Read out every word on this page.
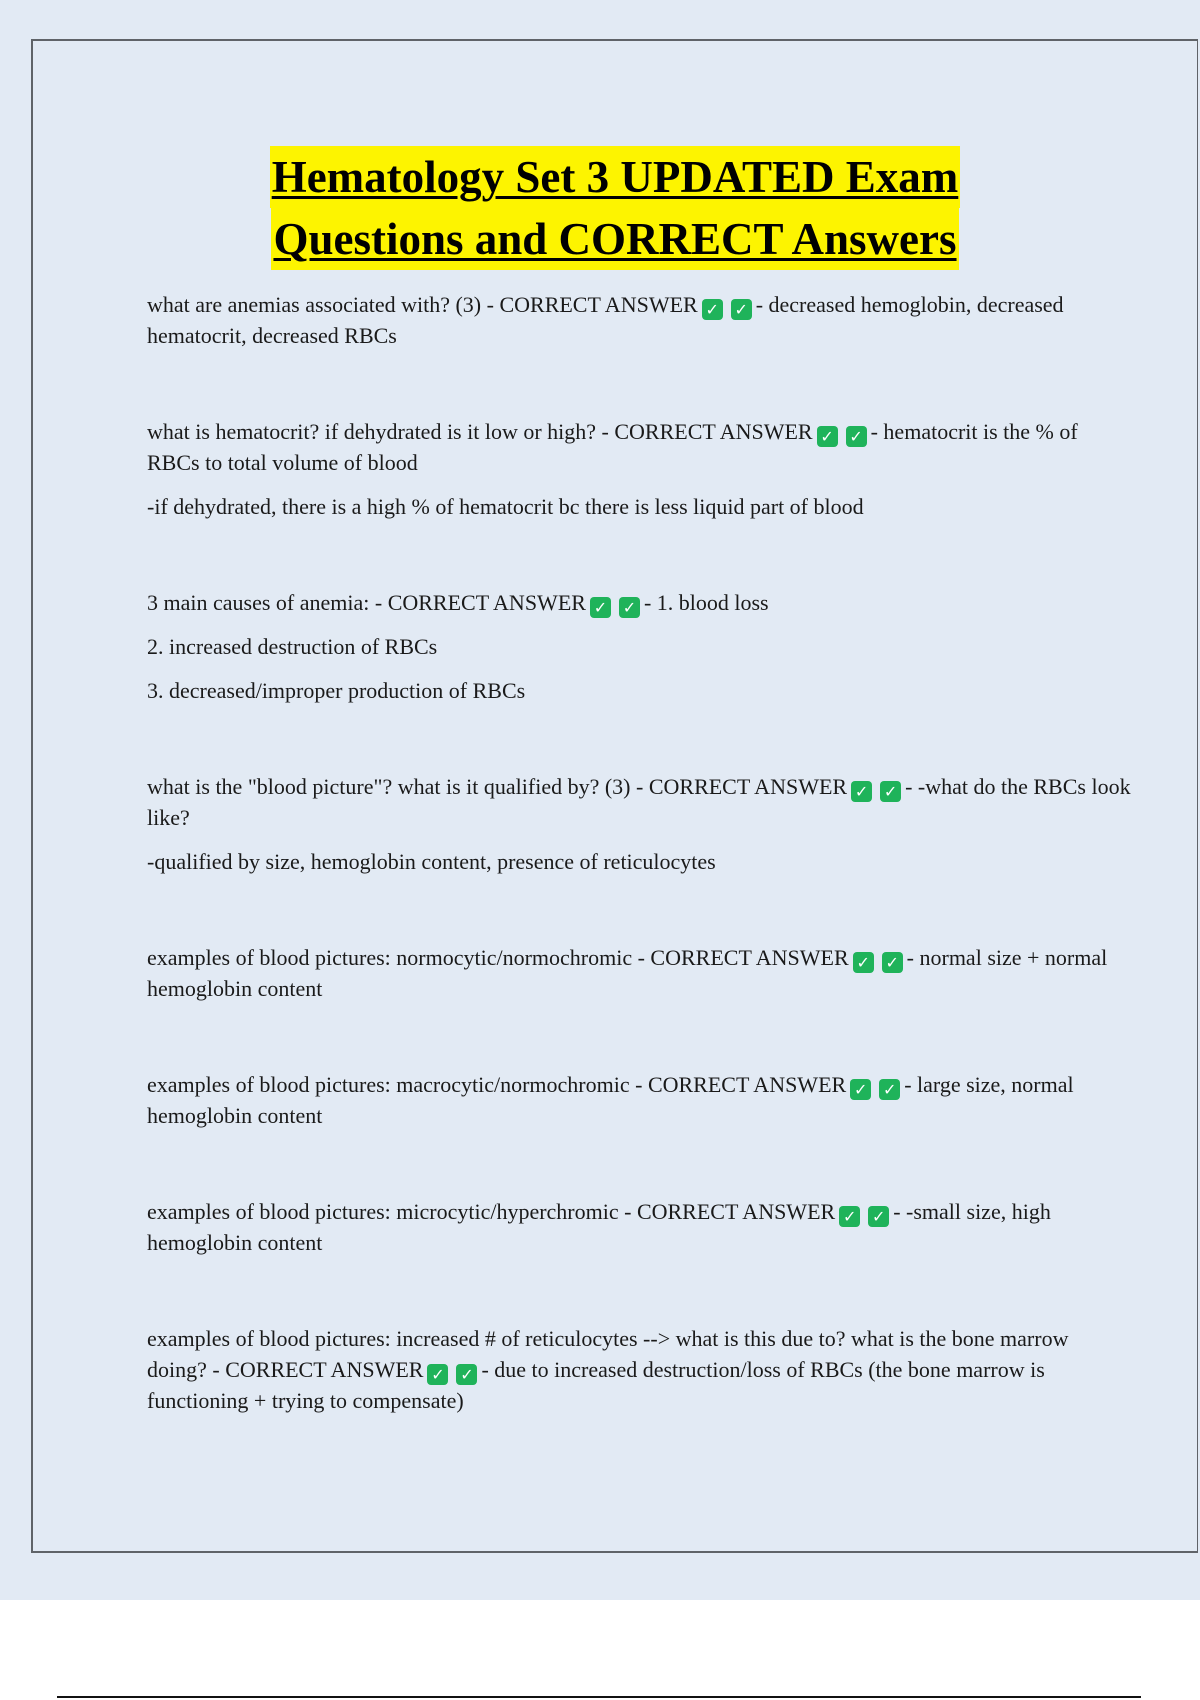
Hematology Set 3 UPDATED Exam
Questions and CORRECT Answers

what are anemias associated with? (3) - CORRECT ANSWER ✓ ✓ - decreased hemoglobin, decreased hematocrit, decreased RBCs

what is hematocrit? if dehydrated is it low or high? - CORRECT ANSWER ✓ ✓ - hematocrit is the % of RBCs to total volume of blood

-if dehydrated, there is a high % of hematocrit bc there is less liquid part of blood

3 main causes of anemia: - CORRECT ANSWER ✓ ✓ - 1. blood loss

2. increased destruction of RBCs

3. decreased/improper production of RBCs

what is the "blood picture"? what is it qualified by? (3) - CORRECT ANSWER ✓ ✓ - -what do the RBCs look like?

-qualified by size, hemoglobin content, presence of reticulocytes

examples of blood pictures: normocytic/normochromic - CORRECT ANSWER ✓ ✓ - normal size + normal hemoglobin content

examples of blood pictures: macrocytic/normochromic - CORRECT ANSWER ✓ ✓ - large size, normal hemoglobin content

examples of blood pictures: microcytic/hyperchromic - CORRECT ANSWER ✓ ✓ - -small size, high hemoglobin content

examples of blood pictures: increased # of reticulocytes --> what is this due to? what is the bone marrow doing? - CORRECT ANSWER ✓ ✓ - due to increased destruction/loss of RBCs (the bone marrow is functioning + trying to compensate)
